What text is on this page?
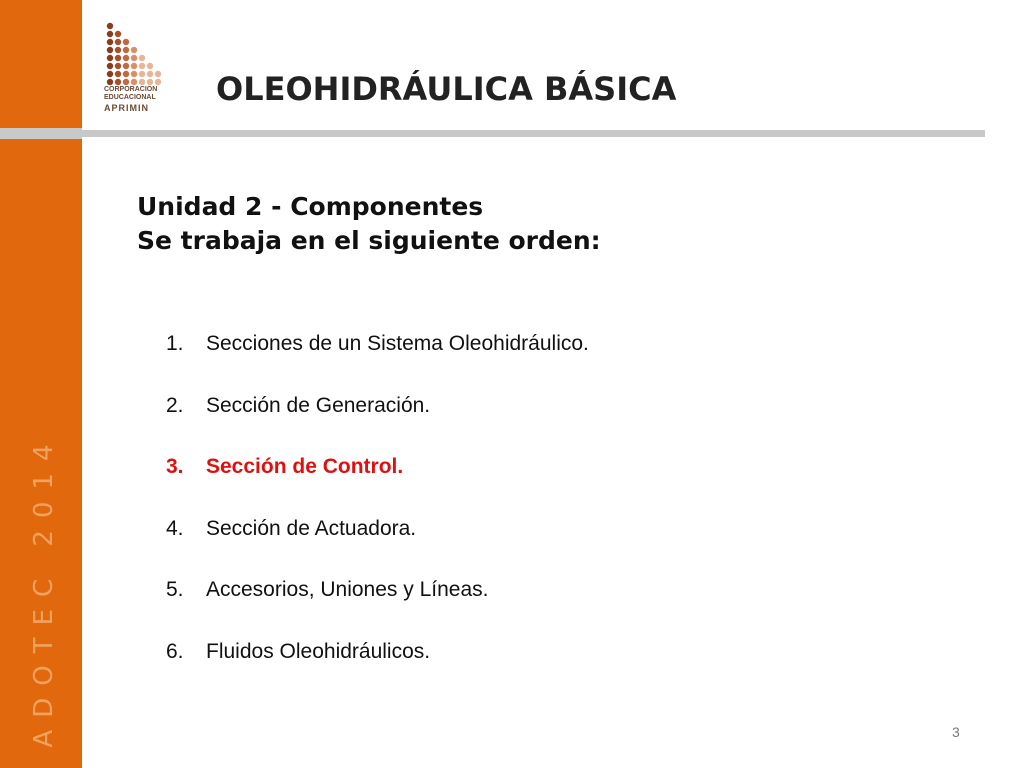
ADOTEC 2014
CORPORACION
EDUCACIONAL
APRIMIN	OLEOHIDRÁULICA BÁSICA
Unidad 2 - Componentes
Se trabaja en el siguiente orden:
1.	Secciones de un Sistema Oleohidráulico.
2.	Sección de Generación.
3.	Sección de Control.
4.	Sección de Actuadora.
5.	Accesorios, Uniones y Líneas.
6.	Fluidos Oleohidráulicos.
3
